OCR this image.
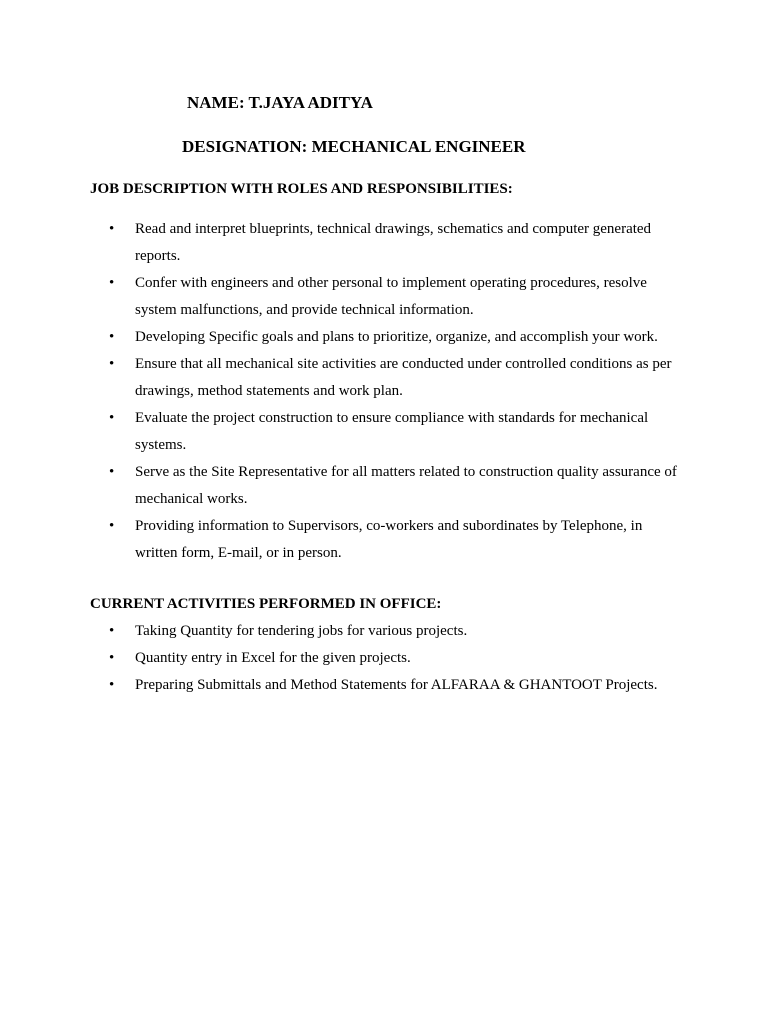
NAME: T.JAYA ADITYA
DESIGNATION: MECHANICAL ENGINEER
JOB DESCRIPTION WITH ROLES AND RESPONSIBILITIES:
• Read and interpret blueprints, technical drawings, schematics and computer generated reports.
• Confer with engineers and other personal to implement operating procedures, resolve system malfunctions, and provide technical information.
• Developing Specific goals and plans to prioritize, organize, and accomplish your work.
• Ensure that all mechanical site activities are conducted under controlled conditions as per drawings, method statements and work plan.
• Evaluate the project construction to ensure compliance with standards for mechanical systems.
• Serve as the Site Representative for all matters related to construction quality assurance of mechanical works.
• Providing information to Supervisors, co-workers and subordinates by Telephone, in written form, E-mail, or in person.
CURRENT ACTIVITIES PERFORMED IN OFFICE:
• Taking Quantity for tendering jobs for various projects.
• Quantity entry in Excel for the given projects.
• Preparing Submittals and Method Statements for ALFARAA & GHANTOOT Projects.
